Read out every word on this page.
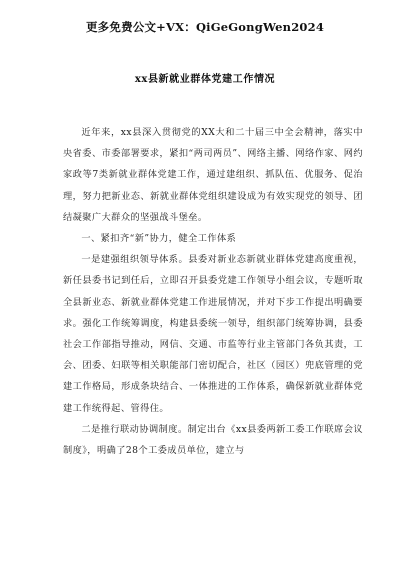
更多免费公文+VX：QiGeGongWen2024
xx县新就业群体党建工作情况

近年来，xx县深入贯彻党的XX大和二十届三中全会精神，落实中央省委、市委部署要求，紧扣“两司两员”、网络主播、网络作家、网约家政等7类新就业群体党建工作，通过建组织、抓队伍、优服务、促治理，努力把新业态、新就业群体党组织建设成为有效实现党的领导、团结凝聚广大群众的坚强战斗堡垒。

一、紧扣齐“新”协力，健全工作体系

一是建强组织领导体系。县委对新业态新就业群体党建高度重视，新任县委书记到任后，立即召开县委党建工作领导小组会议，专题听取全县新业态、新就业群体党建工作进展情况，并对下步工作提出明确要求。强化工作统筹调度，构建县委统一领导，组织部门统筹协调，县委社会工作部指导推动，网信、交通、市监等行业主管部门各负其责，工会、团委、妇联等相关职能部门密切配合，社区（园区）兜底管理的党建工作格局，形成条块结合、一体推进的工作体系，确保新就业群体党建工作统得起、管得住。

二是推行联动协调制度。制定出台《xx县委两新工委工作联席会议制度》，明确了28个工委成员单位，建立与
